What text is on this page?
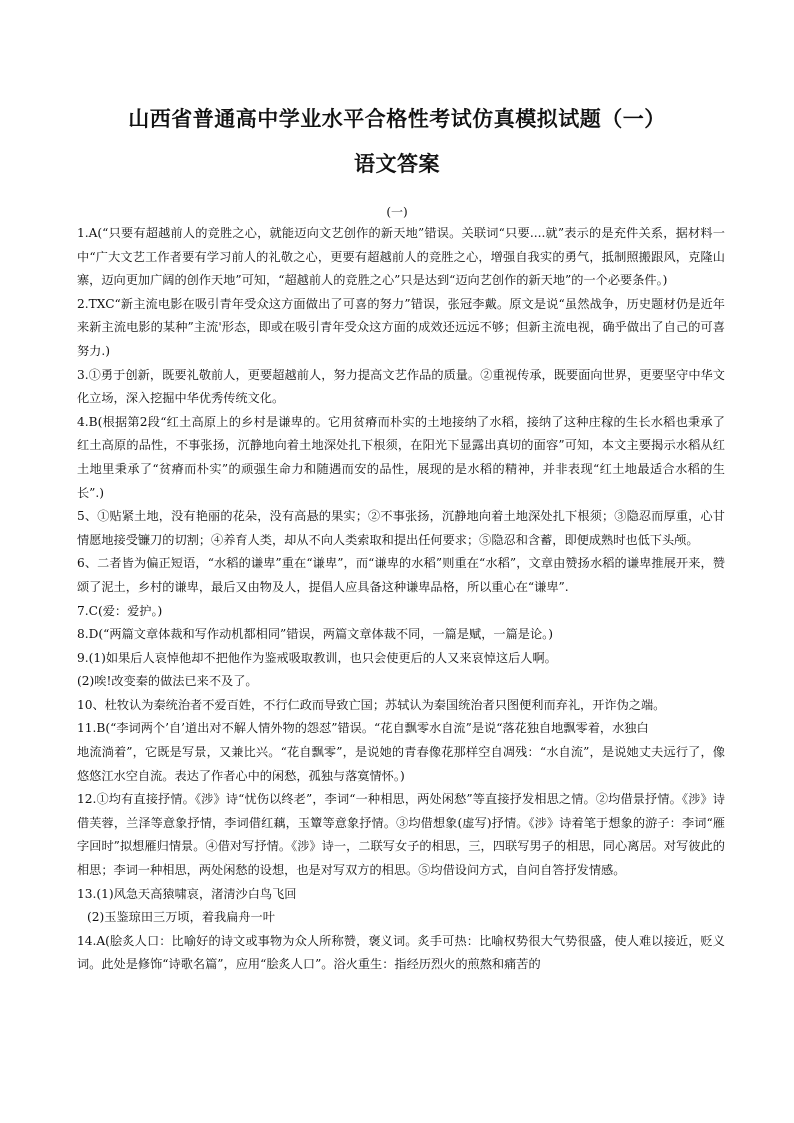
山西省普通高中学业水平合格性考试仿真模拟试题（一）
语文答案
(一)

1.A(“只要有超越前人的竞胜之心，就能迈向文艺创作的新天地”错误。关联词“只要....就”表示的是充件关系，据材料一中“广大文艺工作者要有学习前人的礼敬之心，更要有超越前人的竞胜之心，增强自我实的勇气，抵制照搬跟风，克隆山寨，迈向更加广阔的创作天地”可知，“超越前人的竞胜之心”只是达到“迈向艺创作的新天地”的一个必要条件。)

2.TXC“新主流电影在吸引青年受众这方面做出了可喜的努力”错误，张冠李戴。原文是说“虽然战争，历史题材仍是近年来新主流电影的某种”主流'形态，即或在吸引青年受众这方面的成效还远远不够；但新主流电视，确乎做出了自己的可喜努力.)

3.①勇于创新，既要礼敬前人，更要超越前人，努力提高文艺作品的质量。②重视传承，既要面向世界，更要坚守中华文化立场，深入挖掘中华优秀传统文化。

4.B(根据第2段“红土高原上的乡村是谦卑的。它用贫瘠而朴实的土地接纳了水稻，接纳了这种庄稼的生长水稻也秉承了红土高原的品性，不事张扬，沉静地向着土地深处扎下根须，在阳光下显露出真切的面容”可知，本文主要揭示水稻从红土地里秉承了“贫瘠而朴实”的顽强生命力和随遇而安的品性，展现的是水稻的精神，并非表现“红土地最适合水稻的生长”.)

5、①贴紧土地，没有艳丽的花朵，没有高悬的果实；②不事张扬，沉静地向着土地深处扎下根须；③隐忍而厚重，心甘情愿地接受镰刀的切割；④养育人类，却从不向人类索取和提出任何要求；⑤隐忍和含蓄，即便成熟时也低下头颅。

6、二者皆为偏正短语，“水稻的谦卑”重在“谦卑”，而“谦卑的水稻”则重在“水稻”，文章由赞扬水稻的谦卑推展开来，赞颂了泥土，乡村的谦卑，最后又由物及人，提倡人应具备这种谦卑品格，所以重心在“谦卑”.

7.C(爱：爱护。)

8.D(“两篇文章体裁和写作动机都相同”错误，两篇文章体裁不同，一篇是赋，一篇是论。)

9.(1)如果后人哀悼他却不把他作为鉴戒吸取教训，也只会使更后的人又来哀悼这后人啊。

(2)唉!改变秦的做法已来不及了。

10、杜牧认为秦统治者不爱百姓，不行仁政而导致亡国；苏轼认为秦国统治者只图便利而弃礼，开诈伪之端。

11.B(“李词两个’自’道出对不解人情外物的怨怼”错误。“花自飘零水自流”是说“落花独自地飘零着，水独白

地流淌着”，它既是写景，又兼比兴。“花自飘零”，是说她的青春像花那样空自凋残：“水自流”，是说她丈夫远行了，像悠悠江水空自流。表达了作者心中的闲愁，孤独与落寞情怀。)

12.①均有直接抒情。《涉》诗“忧伤以终老”，李词“一种相思，两处闲愁”等直接抒发相思之情。②均借景抒情。《涉》诗借芙蓉，兰泽等意象抒情，李词借红藕，玉簟等意象抒情。③均借想象(虚写)抒情。《涉》诗着笔于想象的游子：李词“雁字回时”拟想雁归情景。④借对写抒情。《涉》诗一，二联写女子的相思，三，四联写男子的相思，同心离居。对写彼此的相思；李词一种相思，两处闲愁的设想，也是对写双方的相思。⑤均借设问方式，自问自答抒发情感。

13.(1)风急天高猿啸哀，渚清沙白鸟飞回

(2)玉鉴琼田三万顷，着我扁舟一叶

14.A(脍炙人口：比喻好的诗文或事物为众人所称赞，褒义词。炙手可热：比喻权势很大气势很盛，使人难以接近，贬义词。此处是修饰“诗歌名篇”，应用“脍炙人口”。浴火重生：指经历烈火的煎熬和痛苦的
